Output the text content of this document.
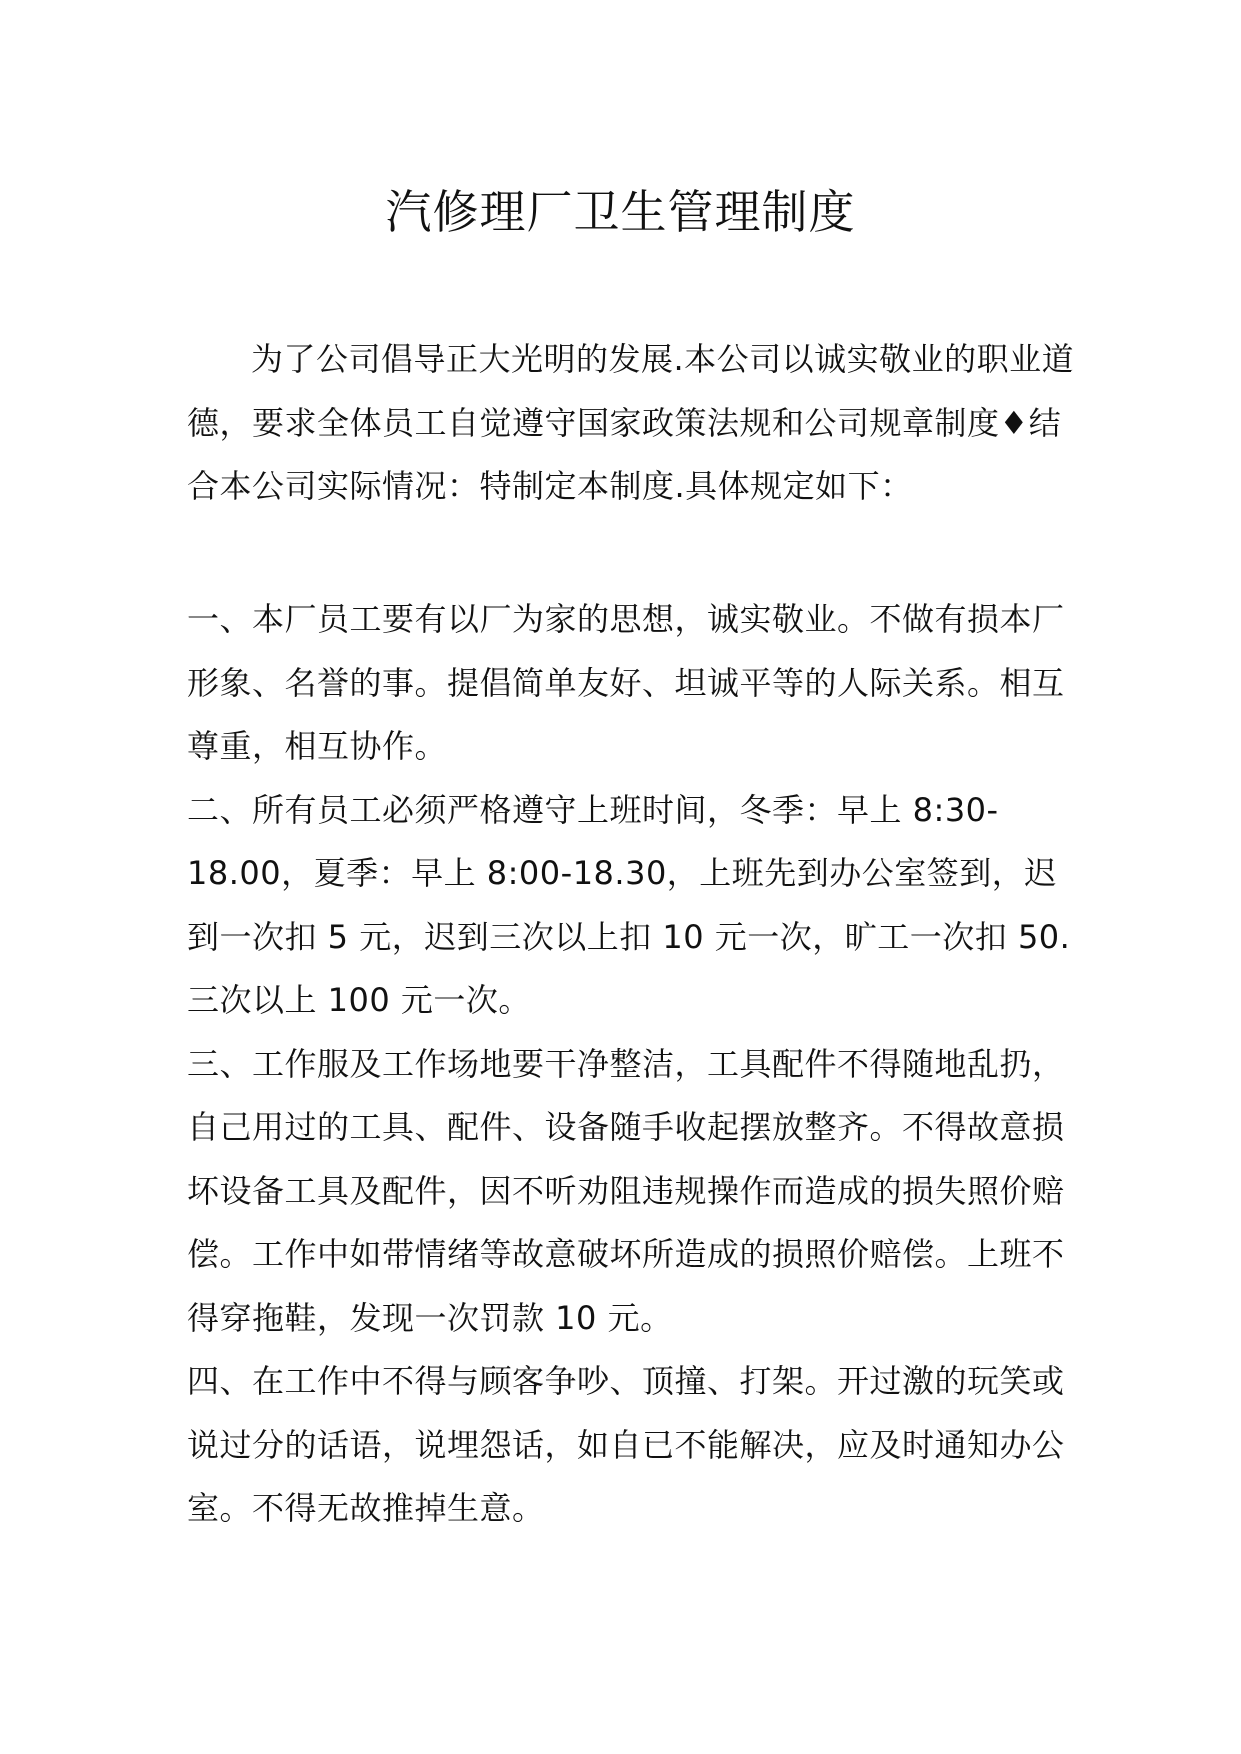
汽修理厂卫生管理制度

为了公司倡导正大光明的发展.本公司以诚实敬业的职业道德，要求全体员工自觉遵守国家政策法规和公司规章制度♦结合本公司实际情况：特制定本制度.具体规定如下：

一、本厂员工要有以厂为家的思想，诚实敬业。不做有损本厂形象、名誉的事。提倡简单友好、坦诚平等的人际关系。相互尊重，相互协作。

二、所有员工必须严格遵守上班时间，冬季：早上 8:30-18.00，夏季：早上 8:00-18.30，上班先到办公室签到，迟到一次扣 5 元，迟到三次以上扣 10 元一次，旷工一次扣 50.三次以上 100 元一次。

三、工作服及工作场地要干净整洁，工具配件不得随地乱扔，自己用过的工具、配件、设备随手收起摆放整齐。不得故意损坏设备工具及配件，因不听劝阻违规操作而造成的损失照价赔偿。工作中如带情绪等故意破坏所造成的损照价赔偿。上班不得穿拖鞋，发现一次罚款 10 元。

四、在工作中不得与顾客争吵、顶撞、打架。开过激的玩笑或说过分的话语，说埋怨话，如自已不能解决，应及时通知办公室。不得无故推掉生意。
